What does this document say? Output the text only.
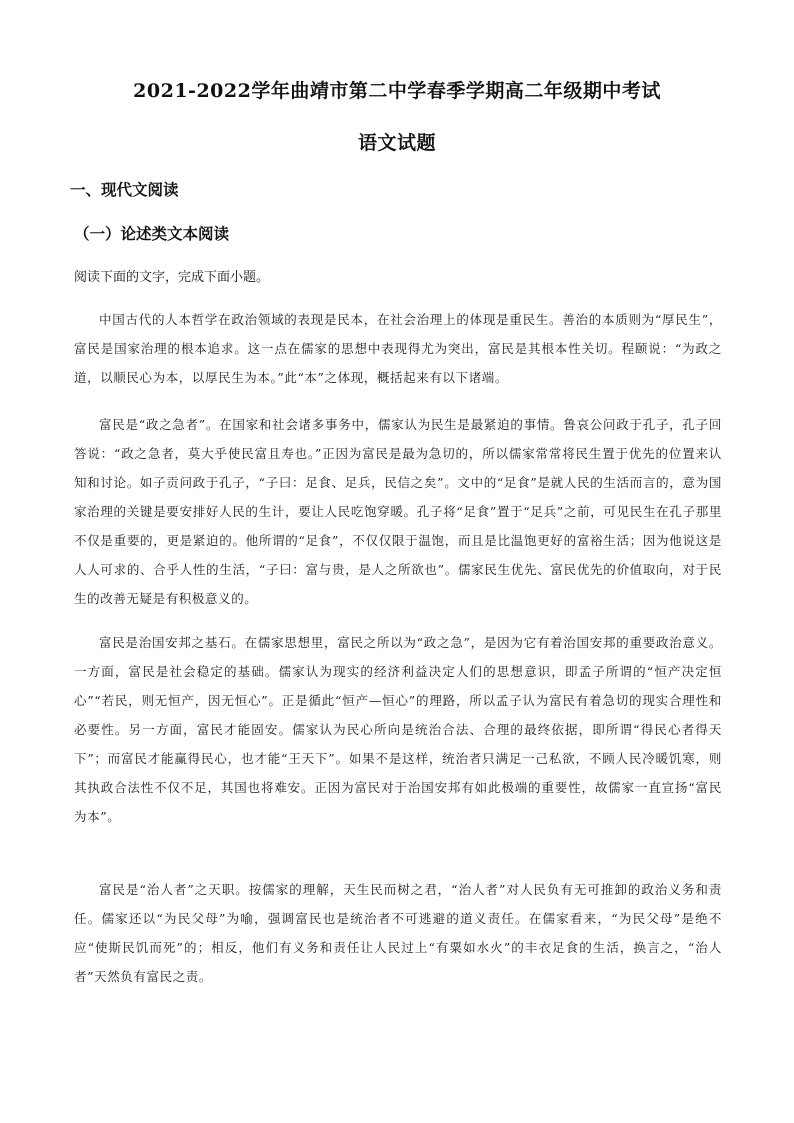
2021-2022学年曲靖市第二中学春季学期高二年级期中考试
语文试题
一、现代文阅读
（一）论述类文本阅读

阅读下面的文字，完成下面小题。

中国古代的人本哲学在政治领域的表现是民本，在社会治理上的体现是重民生。善治的本质则为“厚民生”，富民是国家治理的根本追求。这一点在儒家的思想中表现得尤为突出，富民是其根本性关切。程颐说：“为政之道，以顺民心为本，以厚民生为本。”此“本”之体现，概括起来有以下诸端。

富民是“政之急者”。在国家和社会诸多事务中，儒家认为民生是最紧迫的事情。鲁哀公问政于孔子，孔子回答说：“政之急者，莫大乎使民富且寿也。”正因为富民是最为急切的，所以儒家常常将民生置于优先的位置来认知和讨论。如子贡问政于孔子，“子曰：足食、足兵，民信之矣”。文中的“足食”是就人民的生活而言的，意为国家治理的关键是要安排好人民的生计，要让人民吃饱穿暖。孔子将“足食”置于“足兵”之前，可见民生在孔子那里不仅是重要的，更是紧迫的。他所谓的“足食”，不仅仅限于温饱，而且是比温饱更好的富裕生活；因为他说这是人人可求的、合乎人性的生活，“子曰：富与贵，是人之所欲也”。儒家民生优先、富民优先的价值取向，对于民生的改善无疑是有积极意义的。

富民是治国安邦之基石。在儒家思想里，富民之所以为“政之急”，是因为它有着治国安邦的重要政治意义。一方面，富民是社会稳定的基础。儒家认为现实的经济利益决定人们的思想意识，即孟子所谓的“恒产决定恒心”“若民，则无恒产，因无恒心”。正是循此“恒产—恒心”的理路，所以孟子认为富民有着急切的现实合理性和必要性。另一方面，富民才能固安。儒家认为民心所向是统治合法、合理的最终依据，即所谓“得民心者得天下”；而富民才能赢得民心，也才能“王天下”。如果不是这样，统治者只满足一己私欲，不顾人民冷暖饥寒，则其执政合法性不仅不足，其国也将难安。正因为富民对于治国安邦有如此极端的重要性，故儒家一直宣扬“富民为本”。

富民是“治人者”之天职。按儒家的理解，天生民而树之君，“治人者”对人民负有无可推卸的政治义务和责任。儒家还以“为民父母”为喻，强调富民也是统治者不可逃避的道义责任。在儒家看来，“为民父母”是绝不应“使斯民饥而死”的；相反，他们有义务和责任让人民过上“有粟如水火”的丰衣足食的生活，换言之，“治人者”天然负有富民之责。
